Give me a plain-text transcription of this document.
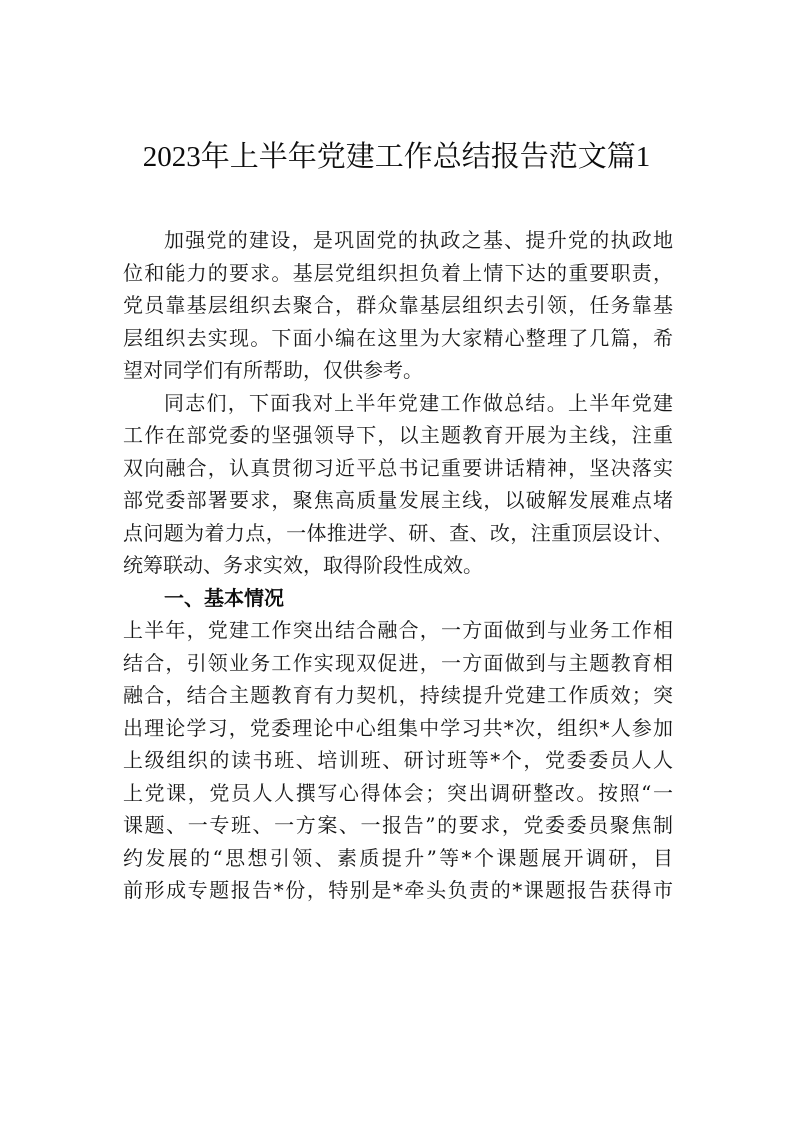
2023年上半年党建工作总结报告范文篇1
加强党的建设，是巩固党的执政之基、提升党的执政地
位和能力的要求。基层党组织担负着上情下达的重要职责，
党员靠基层组织去聚合，群众靠基层组织去引领，任务靠基
层组织去实现。下面小编在这里为大家精心整理了几篇，希
望对同学们有所帮助，仅供参考。
同志们，下面我对上半年党建工作做总结。上半年党建
工作在部党委的坚强领导下，以主题教育开展为主线，注重
双向融合，认真贯彻习近平总书记重要讲话精神，坚决落实
部党委部署要求，聚焦高质量发展主线，以破解发展难点堵
点问题为着力点，一体推进学、研、查、改，注重顶层设计、
统筹联动、务求实效，取得阶段性成效。
一、基本情况
上半年，党建工作突出结合融合，一方面做到与业务工作相
结合，引领业务工作实现双促进，一方面做到与主题教育相
融合，结合主题教育有力契机，持续提升党建工作质效；突
出理论学习，党委理论中心组集中学习共*次，组织*人参加
上级组织的读书班、培训班、研讨班等*个，党委委员人人
上党课，党员人人撰写心得体会；突出调研整改。按照“一
课题、一专班、一方案、一报告”的要求，党委委员聚焦制
约发展的“思想引领、素质提升”等*个课题展开调研，目
前形成专题报告*份，特别是*牵头负责的*课题报告获得市
